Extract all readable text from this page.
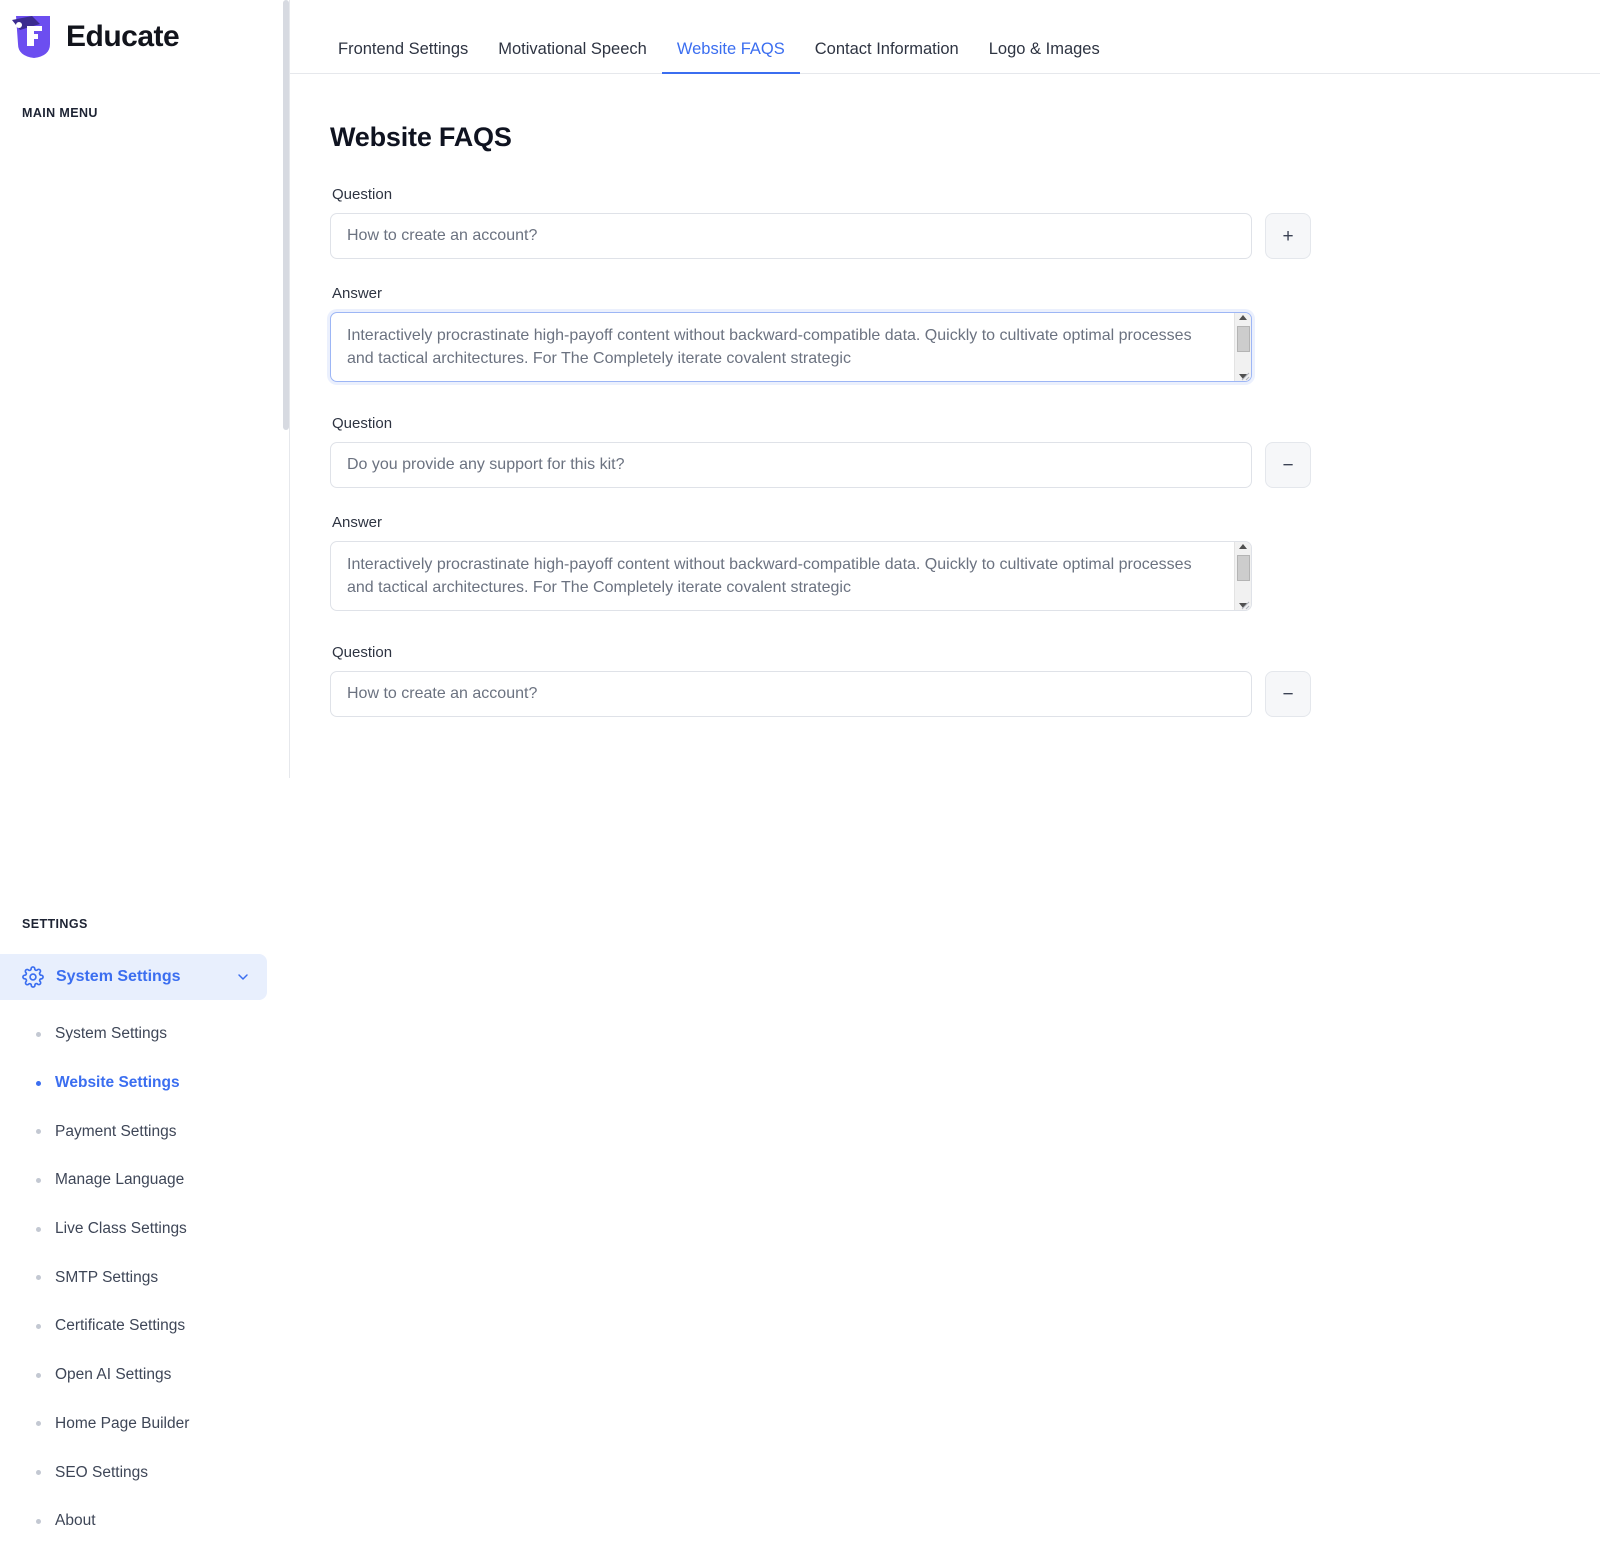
Educate
MAIN MENU
SETTINGS
System Settings
System Settings
Website Settings
Payment Settings
Manage Language
Live Class Settings
SMTP Settings
Certificate Settings
Open AI Settings
Home Page Builder
SEO Settings
About
Frontend Settings	Motivational Speech	Website FAQS	Contact Information	Logo & Images
Website FAQS
Question
How to create an account?
+
Answer
Interactively procrastinate high-payoff content without backward-compatible data. Quickly to cultivate optimal processes and tactical architectures. For The Completely iterate covalent strategic
Question
Do you provide any support for this kit?
−
Answer
Interactively procrastinate high-payoff content without backward-compatible data. Quickly to cultivate optimal processes and tactical architectures. For The Completely iterate covalent strategic
Question
How to create an account?
−
